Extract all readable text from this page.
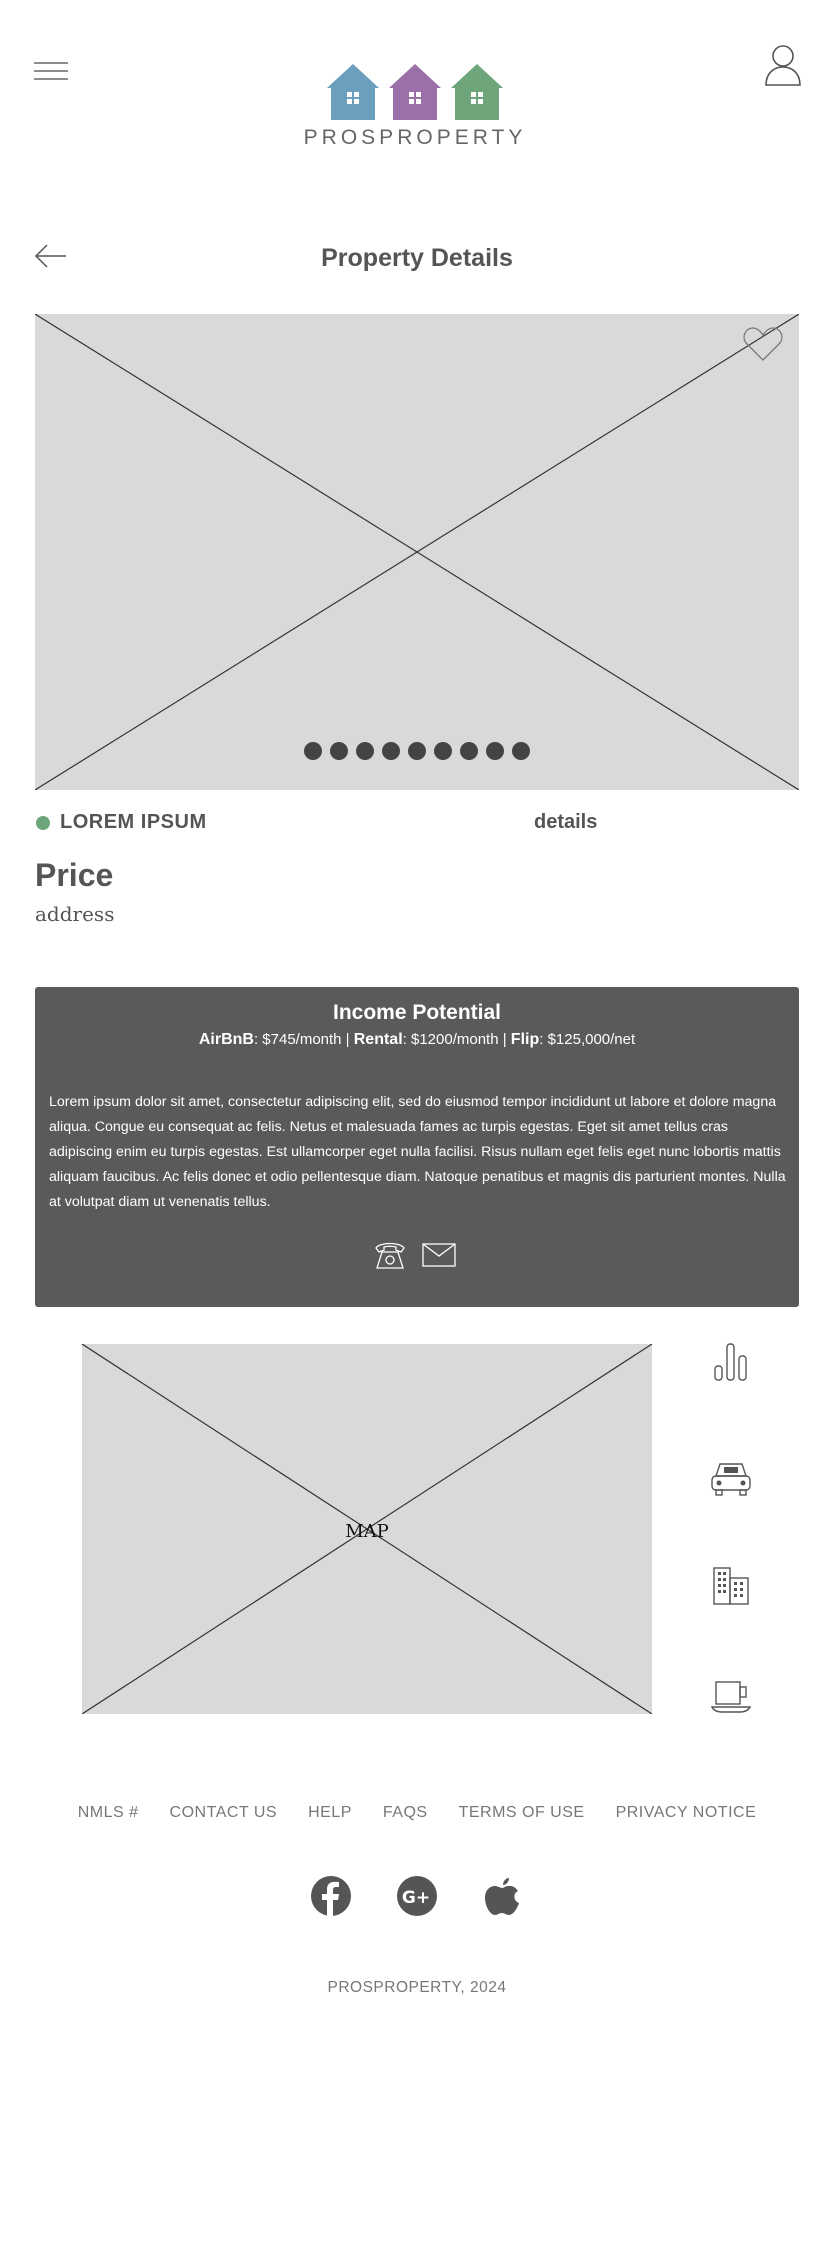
PROSPROPERTY
Property Details
LOREM IPSUM	details
Price
address
Income Potential
AirBnB: $745/month | Rental: $1200/month | Flip: $125,000/net
Lorem ipsum dolor sit amet, consectetur adipiscing elit, sed do eiusmod tempor incididunt ut labore et dolore magna aliqua. Congue eu consequat ac felis. Netus et malesuada fames ac turpis egestas. Eget sit amet tellus cras adipiscing enim eu turpis egestas. Est ullamcorper eget nulla facilisi. Risus nullam eget felis eget nunc lobortis mattis aliquam faucibus. Ac felis donec et odio pellentesque diam. Natoque penatibus et magnis dis parturient montes. Nulla at volutpat diam ut venenatis tellus.
MAP
NMLS # CONTACT US HELP FAQS TERMS OF USE PRIVACY NOTICE
G+
PROSPROPERTY, 2024
